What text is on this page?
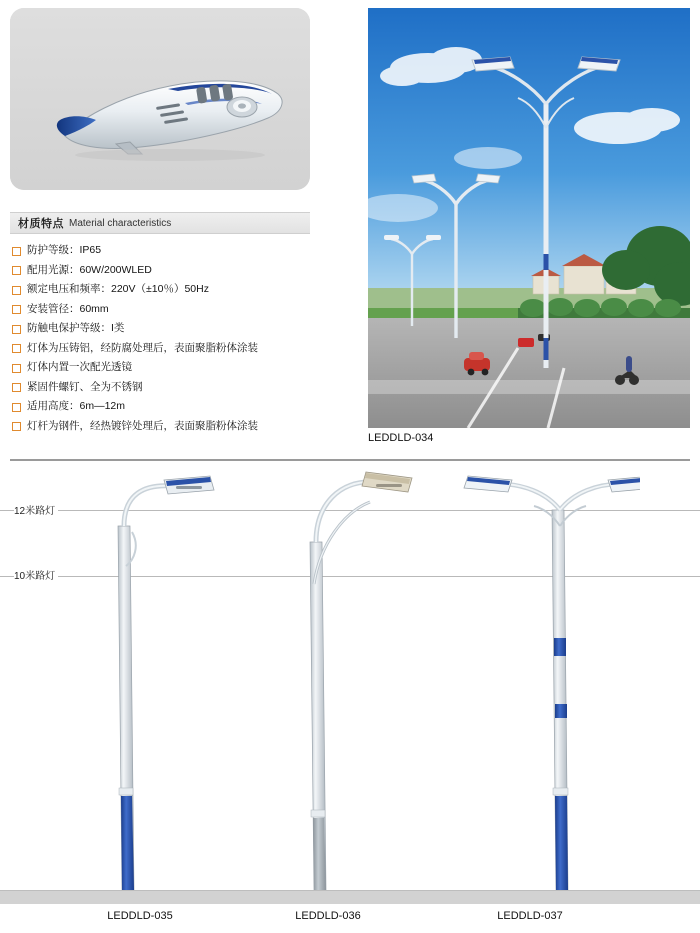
材质特点 Material characteristics
防护等级：IP65
配用光源：60W/200WLED
额定电压和频率：220V（±10％）50Hz
安装管径：60mm
防触电保护等级：I类
灯体为压铸铝，经防腐处理后，表面聚脂粉体涂装
灯体内置一次配光透镜
紧固件螺钉、全为不锈钢
适用高度：6m—12m
灯杆为钢件，经热镀锌处理后，表面聚脂粉体涂装
LEDDLD-034
12米路灯
10米路灯
LEDDLD-035	LEDDLD-036	LEDDLD-037
